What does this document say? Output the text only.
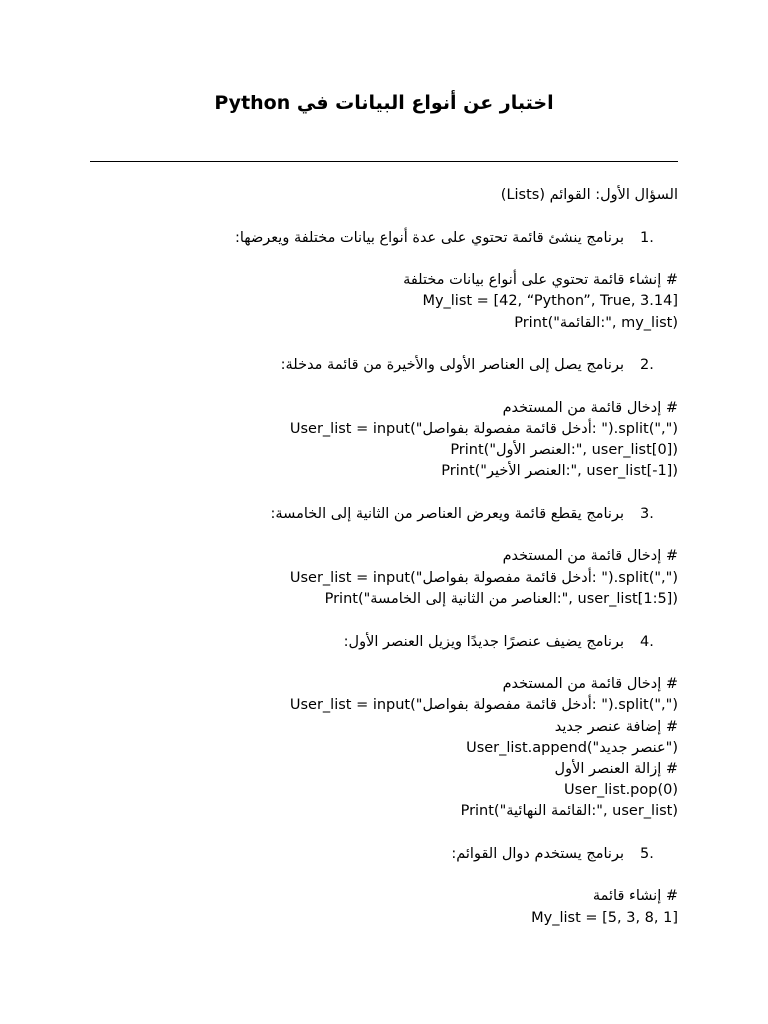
اختبار عن أنواع البيانات في Python
السؤال الأول: القوائم (Lists)
1.برنامج ينشئ قائمة تحتوي على عدة أنواع بيانات مختلفة ويعرضها:
# إنشاء قائمة تحتوي على أنواع بيانات مختلفة
My_list = [42, “Python”, True, 3.14]
Print("القائمة:", my_list)
2.برنامج يصل إلى العناصر الأولى والأخيرة من قائمة مدخلة:
# إدخال قائمة من المستخدم
User_list = input("أدخل قائمة مفصولة بفواصل: ").split(",")
Print("العنصر الأول:", user_list[0])
Print("العنصر الأخير:", user_list[-1])
3.برنامج يقطع قائمة ويعرض العناصر من الثانية إلى الخامسة:
# إدخال قائمة من المستخدم
User_list = input("أدخل قائمة مفصولة بفواصل: ").split(",")
Print("العناصر من الثانية إلى الخامسة:", user_list[1:5])
4.برنامج يضيف عنصرًا جديدًا ويزيل العنصر الأول:
# إدخال قائمة من المستخدم
User_list = input("أدخل قائمة مفصولة بفواصل: ").split(",")
# إضافة عنصر جديد
User_list.append("عنصر جديد")
# إزالة العنصر الأول
User_list.pop(0)
Print("القائمة النهائية:", user_list)
5.برنامج يستخدم دوال القوائم:
# إنشاء قائمة
My_list = [5, 3, 8, 1]
